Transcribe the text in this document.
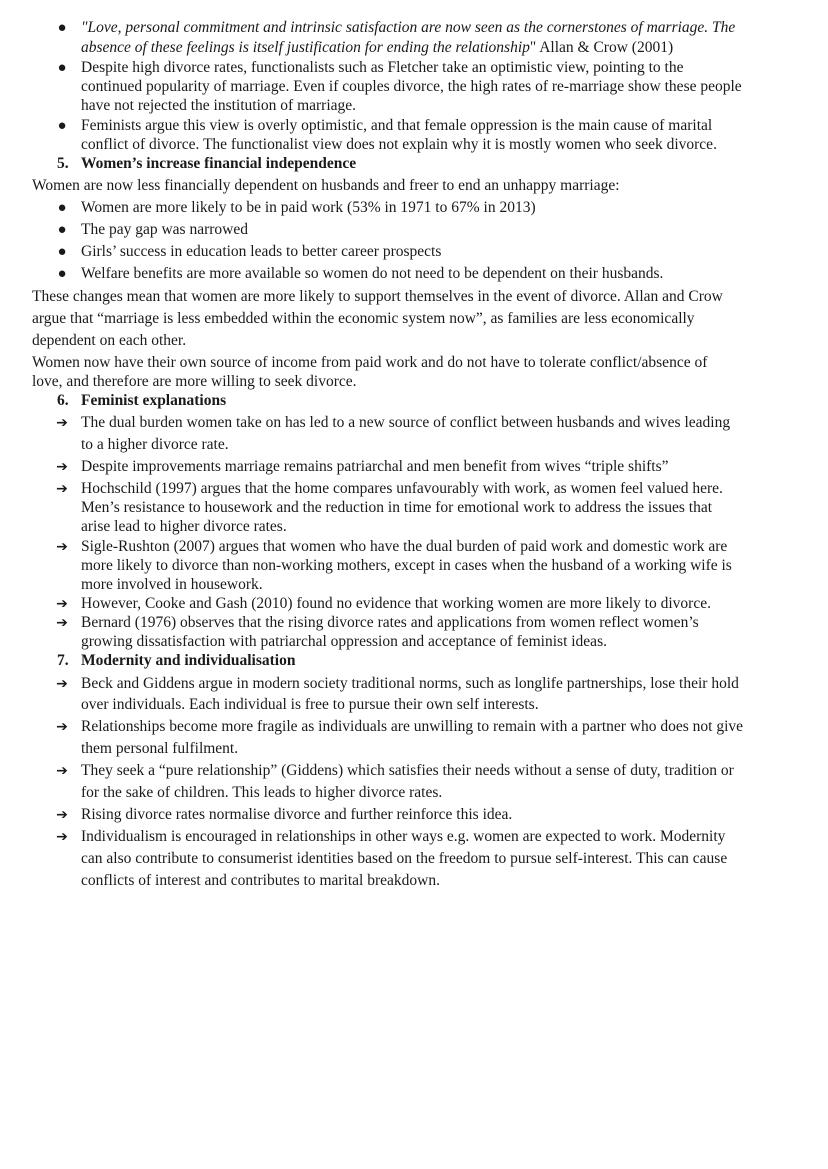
● "Love, personal commitment and intrinsic satisfaction are now seen as the cornerstones of marriage. The
absence of these feelings is itself justification for ending the relationship" Allan & Crow (2001)
● Despite high divorce rates, functionalists such as Fletcher take an optimistic view, pointing to the
continued popularity of marriage. Even if couples divorce, the high rates of re-marriage show these people
have not rejected the institution of marriage.
● Feminists argue this view is overly optimistic, and that female oppression is the main cause of marital
conflict of divorce. The functionalist view does not explain why it is mostly women who seek divorce.
5. Women’s increase financial independence
Women are now less financially dependent on husbands and freer to end an unhappy marriage:
● Women are more likely to be in paid work (53% in 1971 to 67% in 2013)
● The pay gap was narrowed
● Girls’ success in education leads to better career prospects
● Welfare benefits are more available so women do not need to be dependent on their husbands.
These changes mean that women are more likely to support themselves in the event of divorce. Allan and Crow
argue that “marriage is less embedded within the economic system now”, as families are less economically
dependent on each other.
Women now have their own source of income from paid work and do not have to tolerate conflict/absence of
love, and therefore are more willing to seek divorce.
6. Feminist explanations
➔ The dual burden women take on has led to a new source of conflict between husbands and wives leading
to a higher divorce rate.
➔ Despite improvements marriage remains patriarchal and men benefit from wives “triple shifts”
➔ Hochschild (1997) argues that the home compares unfavourably with work, as women feel valued here.
Men’s resistance to housework and the reduction in time for emotional work to address the issues that
arise lead to higher divorce rates.
➔ Sigle-Rushton (2007) argues that women who have the dual burden of paid work and domestic work are
more likely to divorce than non-working mothers, except in cases when the husband of a working wife is
more involved in housework.
➔ However, Cooke and Gash (2010) found no evidence that working women are more likely to divorce.
➔ Bernard (1976) observes that the rising divorce rates and applications from women reflect women’s
growing dissatisfaction with patriarchal oppression and acceptance of feminist ideas.
7. Modernity and individualisation
➔ Beck and Giddens argue in modern society traditional norms, such as longlife partnerships, lose their hold
over individuals. Each individual is free to pursue their own self interests.
➔ Relationships become more fragile as individuals are unwilling to remain with a partner who does not give
them personal fulfilment.
➔ They seek a “pure relationship” (Giddens) which satisfies their needs without a sense of duty, tradition or
for the sake of children. This leads to higher divorce rates.
➔ Rising divorce rates normalise divorce and further reinforce this idea.
➔ Individualism is encouraged in relationships in other ways e.g. women are expected to work. Modernity
can also contribute to consumerist identities based on the freedom to pursue self-interest. This can cause
conflicts of interest and contributes to marital breakdown.
